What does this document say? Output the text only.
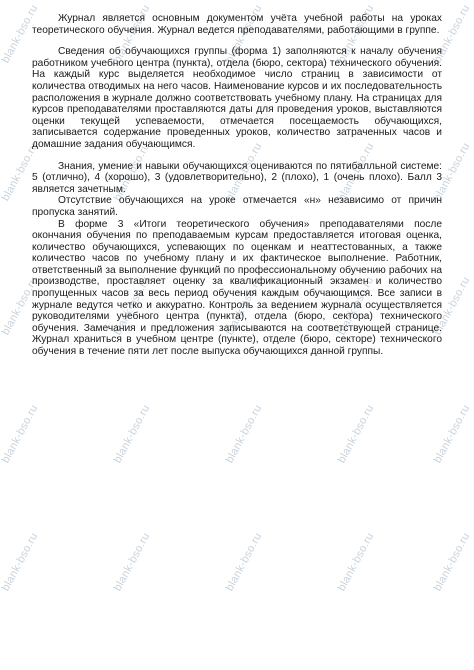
Журнал является основным документом учёта учебной работы на уроках теоретического обучения. Журнал ведется преподавателями, работающими в группе.

Сведения об обучающихся группы (форма 1) заполняются к началу обучения работником учебного центра (пункта), отдела (бюро, сектора) технического обучения. На каждый курс выделяется необходимое число страниц в зависимости от количества отводимых на него часов. Наименование курсов и их последовательность расположения в журнале должно соответствовать учебному плану. На страницах для курсов преподавателями проставляются даты для проведения уроков, выставляются оценки текущей успеваемости, отмечается посещаемость обучающихся, записывается содержание проведенных уроков, количество затраченных часов и домашние задания обучающимся.

Знания, умение и навыки обучающихся оцениваются по пятибалльной системе: 5 (отлично), 4 (хорошо), 3 (удовлетворительно), 2 (плохо), 1 (очень плохо). Балл 3 является зачетным.

Отсутствие обучающихся на уроке отмечается «н» независимо от причин пропуска занятий.

В форме 3 «Итоги теоретического обучения» преподавателями после окончания обучения по преподаваемым курсам предоставляется итоговая оценка, количество обучающихся, успевающих по оценкам и неаттестованных, а также количество часов по учебному плану и их фактическое выполнение. Работник, ответственный за выполнение функций по профессиональному обучению рабочих на производстве, проставляет оценку за квалификационный экзамен и количество пропущенных часов за весь период обучения каждым обучающимся. Все записи в журнале ведутся четко и аккуратно. Контроль за ведением журнала осуществляется руководителями учебного центра (пункта), отдела (бюро, сектора) технического обучения. Замечания и предложения записываются на соответствующей странице. Журнал храниться в учебном центре (пункте), отделе (бюро, секторе) технического обучения в течение пяти лет после выпуска обучающихся данной группы.

blank-bso.ru	blank-bso.ru	blank-bso.ru	blank-bso.ru	blank-bso.ru
blank-bso.ru	blank-bso.ru	blank-bso.ru	blank-bso.ru	blank-bso.ru
blank-bso.ru	blank-bso.ru	blank-bso.ru	blank-bso.ru	blank-bso.ru
blank-bso.ru	blank-bso.ru	blank-bso.ru	blank-bso.ru	blank-bso.ru
blank-bso.ru	blank-bso.ru	blank-bso.ru	blank-bso.ru	blank-bso.ru
